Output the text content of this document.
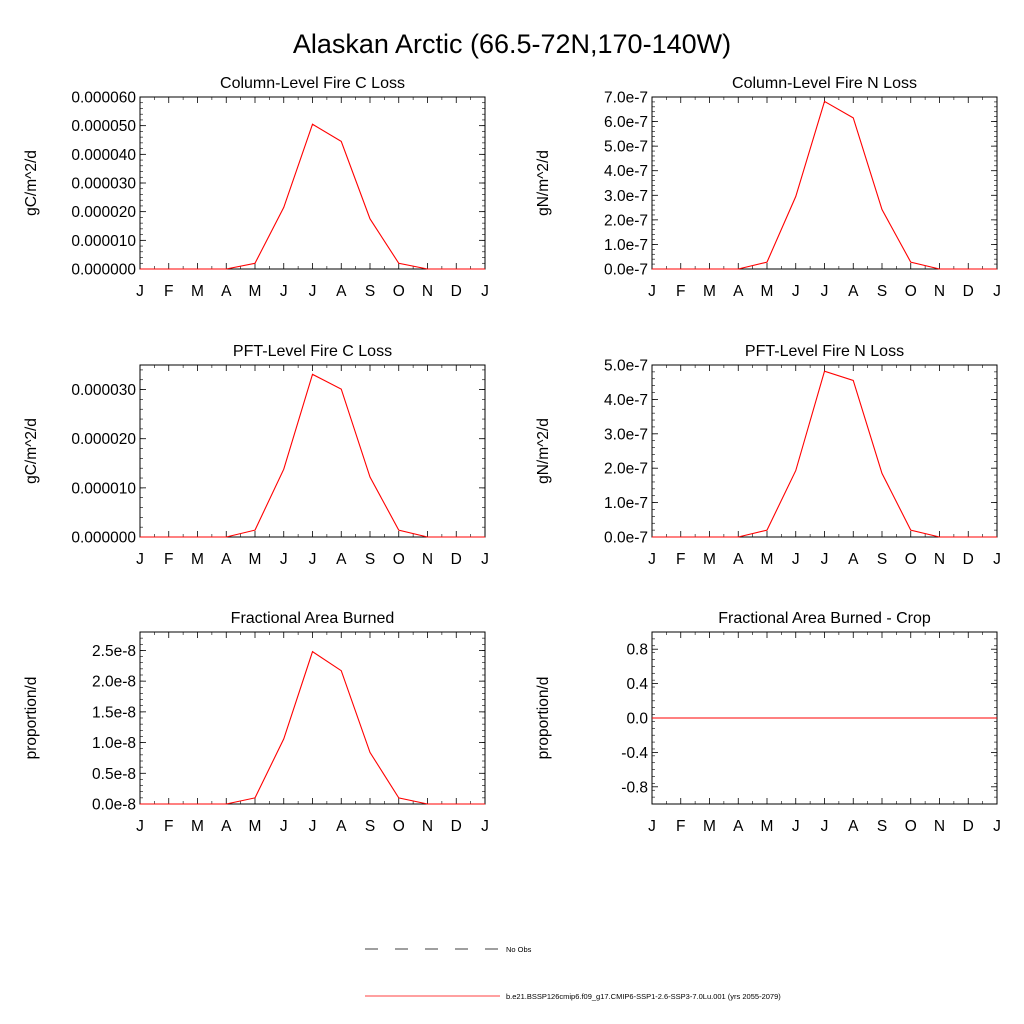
Alaskan Arctic (66.5-72N,170-140W)
J F M A M J J A S O N D J
0.000000
0.000010
0.000020
0.000030
0.000040
0.000050
0.000060
Column-Level Fire C Loss
gC/m^2/d
J F M A M J J A S O N D J
0.0e-7
1.0e-7
2.0e-7
3.0e-7
4.0e-7
5.0e-7
6.0e-7
7.0e-7
Column-Level Fire N Loss
gN/m^2/d
J F M A M J J A S O N D J
0.000000
0.000010
0.000020
0.000030
PFT-Level Fire C Loss
gC/m^2/d
J F M A M J J A S O N D J
0.0e-7
1.0e-7
2.0e-7
3.0e-7
4.0e-7
5.0e-7
PFT-Level Fire N Loss
gN/m^2/d
J F M A M J J A S O N D J
0.0e-8
0.5e-8
1.0e-8
1.5e-8
2.0e-8
2.5e-8
Fractional Area Burned
proportion/d
J F M A M J J A S O N D J
-0.8
-0.4
0.0
0.4
0.8
Fractional Area Burned - Crop
proportion/d
No Obs
b.e21.BSSP126cmip6.f09_g17.CMIP6-SSP1-2.6-SSP3-7.0Lu.001 (yrs 2055-2079)
